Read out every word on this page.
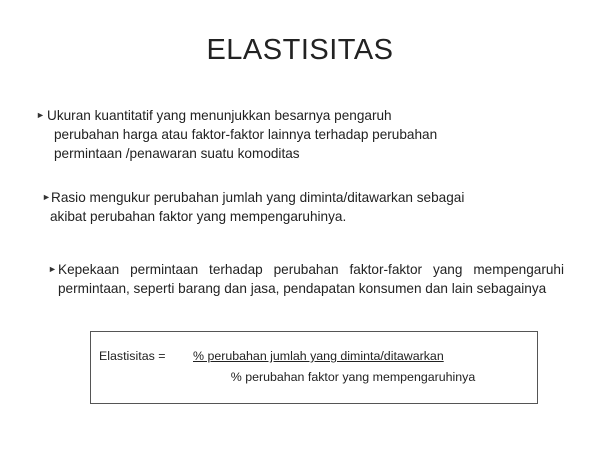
ELASTISITAS
► Ukuran kuantitatif yang menunjukkan besarnya pengaruh
perubahan harga atau faktor-faktor lainnya terhadap perubahan
permintaan /penawaran suatu komoditas
► Rasio mengukur perubahan jumlah yang diminta/ditawarkan sebagai
akibat perubahan faktor yang mempengaruhinya.
► Kepekaan permintaan terhadap perubahan faktor-faktor yang mempengaruhi permintaan, seperti barang dan jasa, pendapatan konsumen dan lain sebagainya
Elastisitas = % perubahan jumlah yang diminta/ditawarkan
% perubahan faktor yang mempengaruhinya
